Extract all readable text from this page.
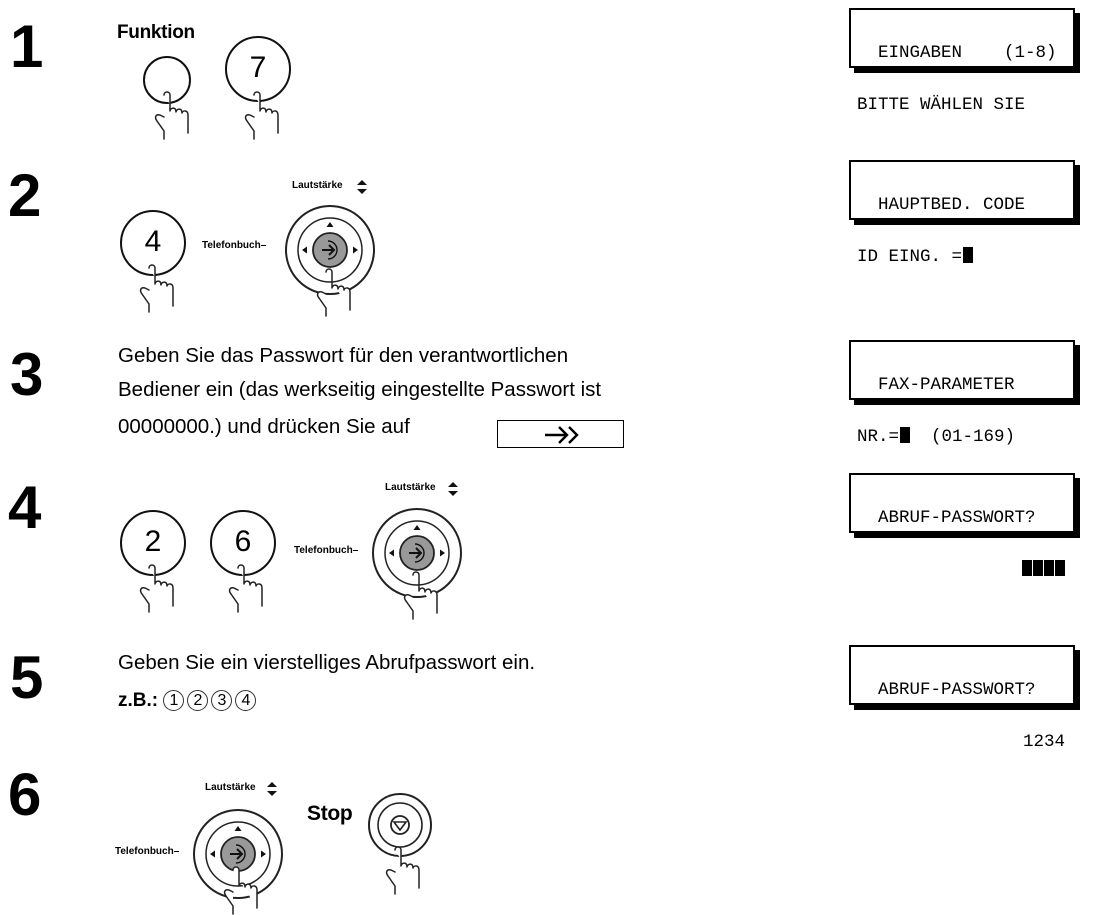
1	Funktion
7	EINGABEN    (1-8)

BITTE WÄHLEN SIE

2
4
Lautstärke
Telefonbuch–

HAUPTBED. CODE

ID EING. =

3	Geben Sie das Passwort für den verantwortlichen
Bediener ein (das werkseitig eingestellte Passwort ist
00000000.) und drücken Sie auf

FAX-PARAMETER

NR.=  (01-169)

4
2	6
Lautstärke
Telefonbuch–

ABRUF-PASSWORT?

5	Geben Sie ein vierstelliges Abrufpasswort ein.
z.B.: 1 2 3 4

ABRUF-PASSWORT?

1234

6	Lautstärke
Telefonbuch–
Stop
